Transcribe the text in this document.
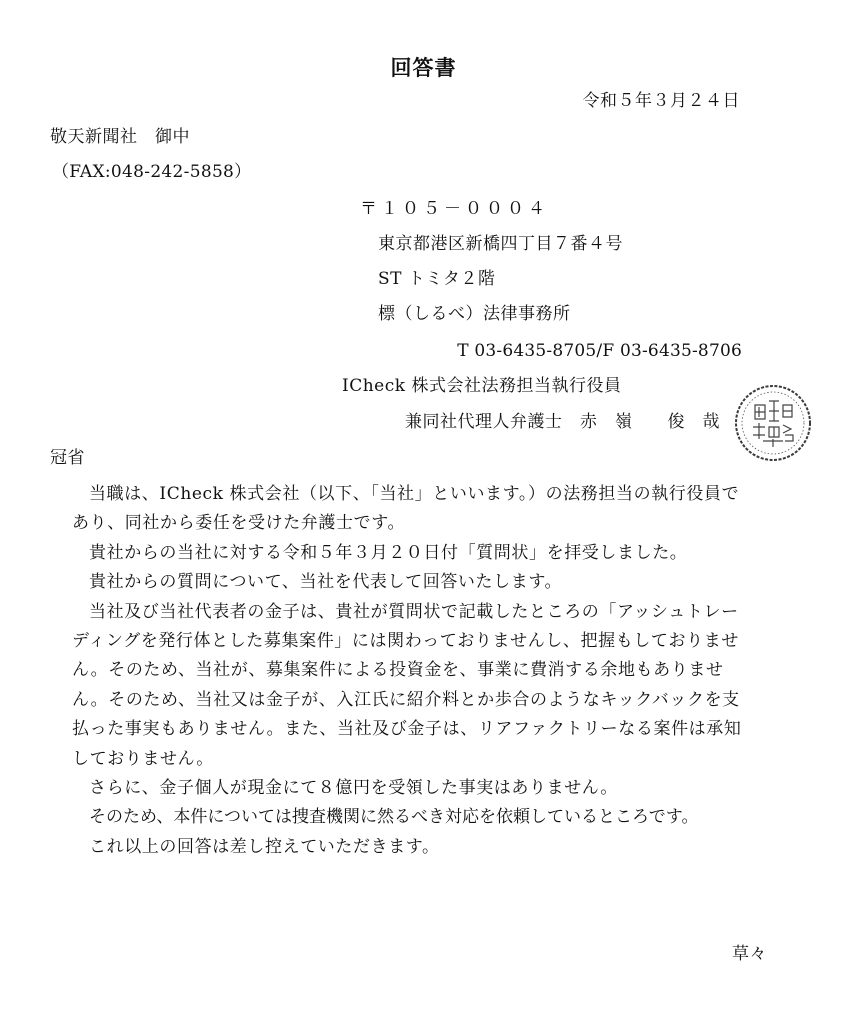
回答書
令和５年３月２４日
敬天新聞社　御中
（FAX:048-242-5858）
〒１０５－０００４
東京都港区新橋四丁目７番４号
ST トミタ２階
標（しるべ）法律事務所
T 03-6435-8705/F 03-6435-8706
ICheck 株式会社法務担当執行役員
兼同社代理人弁護士　赤　嶺　　俊　哉
弁護士印
冠省

当職は、ICheck 株式会社（以下、「当社」といいます。）の法務担当の執行役員であり、同社から委任を受けた弁護士です。

貴社からの当社に対する令和５年３月２０日付「質問状」を拝受しました。

貴社からの質問について、当社を代表して回答いたします。

当社及び当社代表者の金子は、貴社が質問状で記載したところの「アッシュトレーディングを発行体とした募集案件」には関わっておりませんし、把握もしておりません。そのため、当社が、募集案件による投資金を、事業に費消する余地もありません。そのため、当社又は金子が、入江氏に紹介料とか歩合のようなキックバックを支払った事実もありません。また、当社及び金子は、リアファクトリーなる案件は承知しておりません。

さらに、金子個人が現金にて８億円を受領した事実はありません。

そのため、本件については捜査機関に然るべき対応を依頼しているところです。

これ以上の回答は差し控えていただきます。

草々
